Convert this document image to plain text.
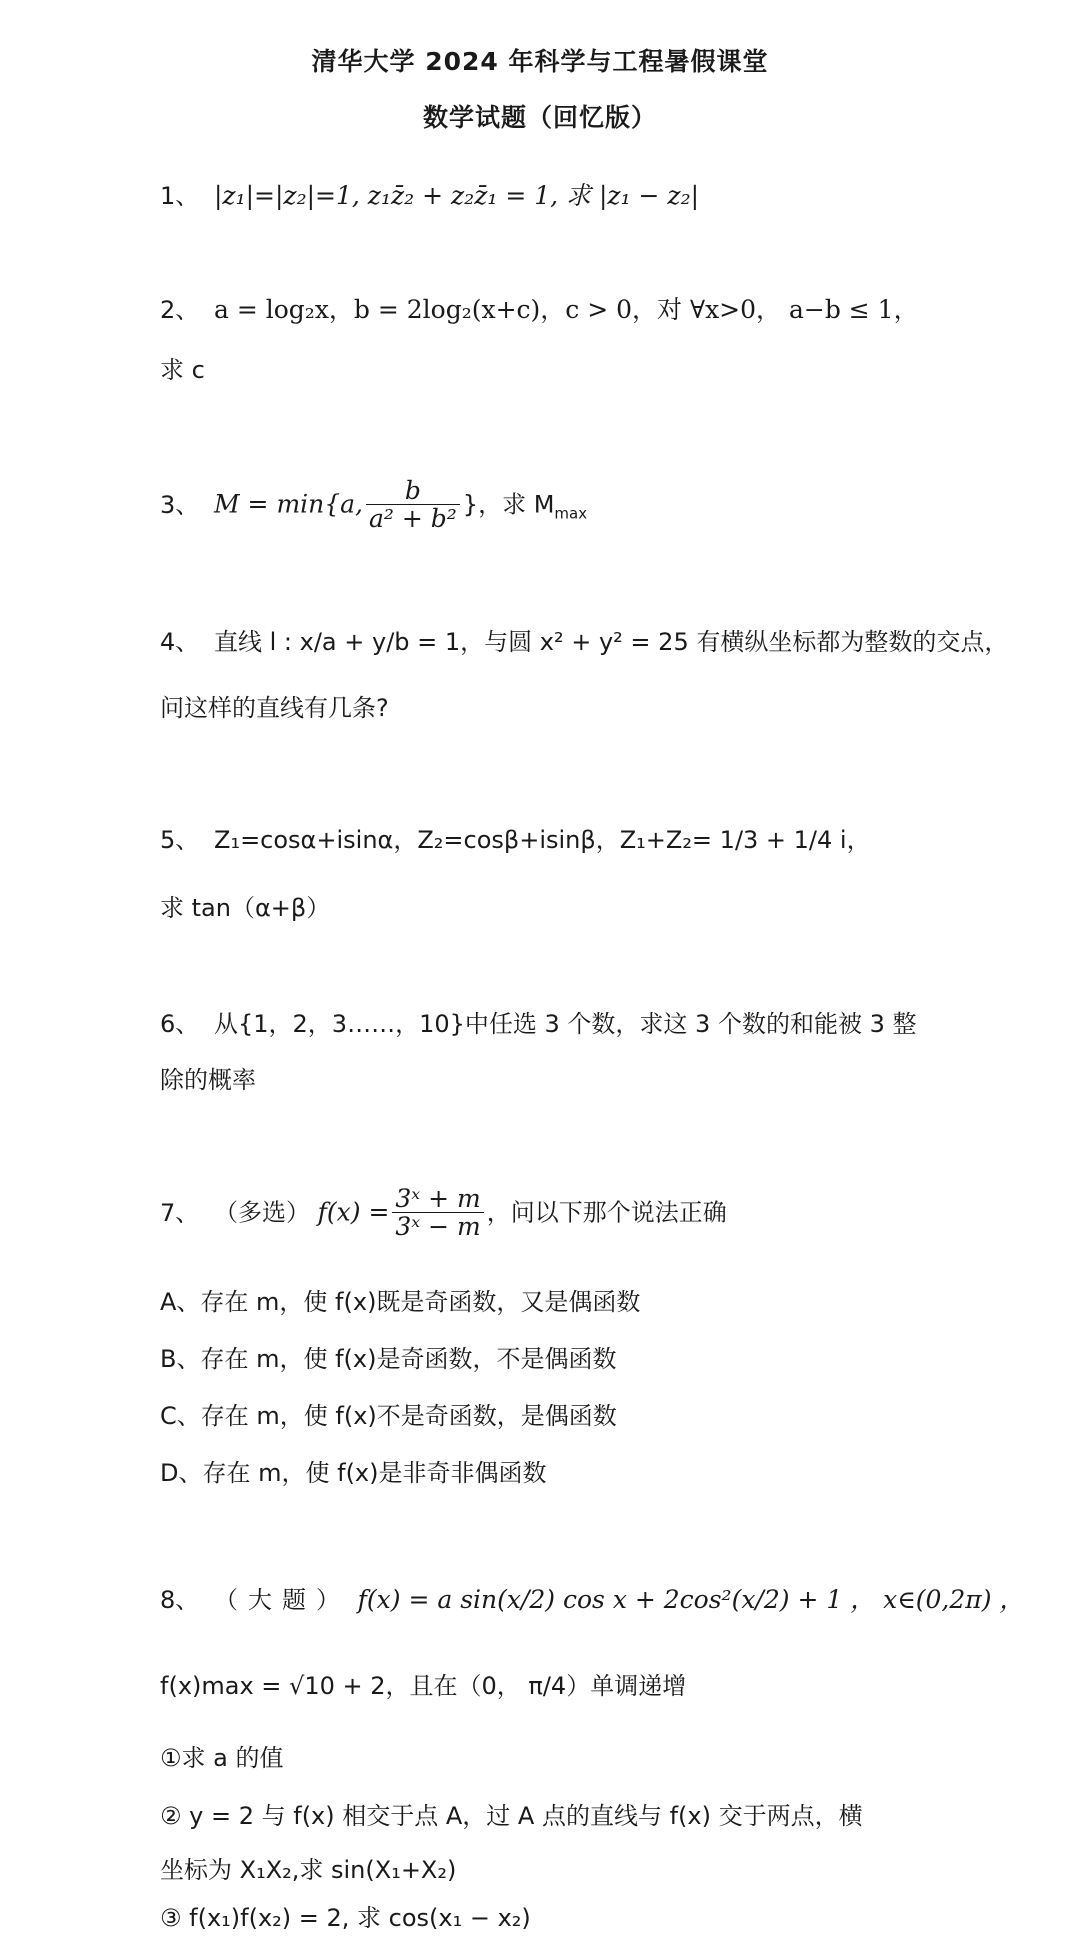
清华大学 2024 年科学与工程暑假课堂
数学试题（回忆版）
1、 |z₁|=|z₂|=1, z₁z̄₂ + z₂z̄₁ = 1, 求 |z₁ − z₂|
2、 a = log₂x，b = 2log₂(x+c)，c > 0，对 ∀x>0， a−b ≤ 1，
求 c
3、 M = min{a, $\frac{b}{\text{a² + b²}}$ }，求 $M_{max}$
4、 直线 l : x/a + y/b = 1，与圆 x² + y² = 25 有横纵坐标都为整数的交点，
问这样的直线有几条?
5、 Z₁=cosα+isinα，Z₂=cosβ+isinβ，Z₁+Z₂= 1/3 + 1/4 i，
求 tan（α+β）
6、 从{1，2，3……，10}中任选 3 个数，求这 3 个数的和能被 3 整
除的概率
7、 （多选） $f(x) = \frac{\text{3ˣ + m}}{\text{3ˣ − m}}$ ，问以下那个说法正确
A、存在 m，使 f(x)既是奇函数，又是偶函数
B、存在 m，使 f(x)是奇函数，不是偶函数
C、存在 m，使 f(x)不是奇函数，是偶函数
D、存在 m，使 f(x)是非奇非偶函数
8、 （大题） f(x) = a sin(x/2) cos x + 2cos²(x/2) + 1 ， x∈(0,2π) ，
f(x)max = √10 + 2，且在（0， π/4）单调递增
①求 a 的值
② y = 2 与 f(x) 相交于点 A，过 A 点的直线与 f(x) 交于两点，横
坐标为 X₁X₂,求 sin(X₁+X₂)
③ f(x₁)f(x₂) = 2, 求 cos(x₁ − x₂)
